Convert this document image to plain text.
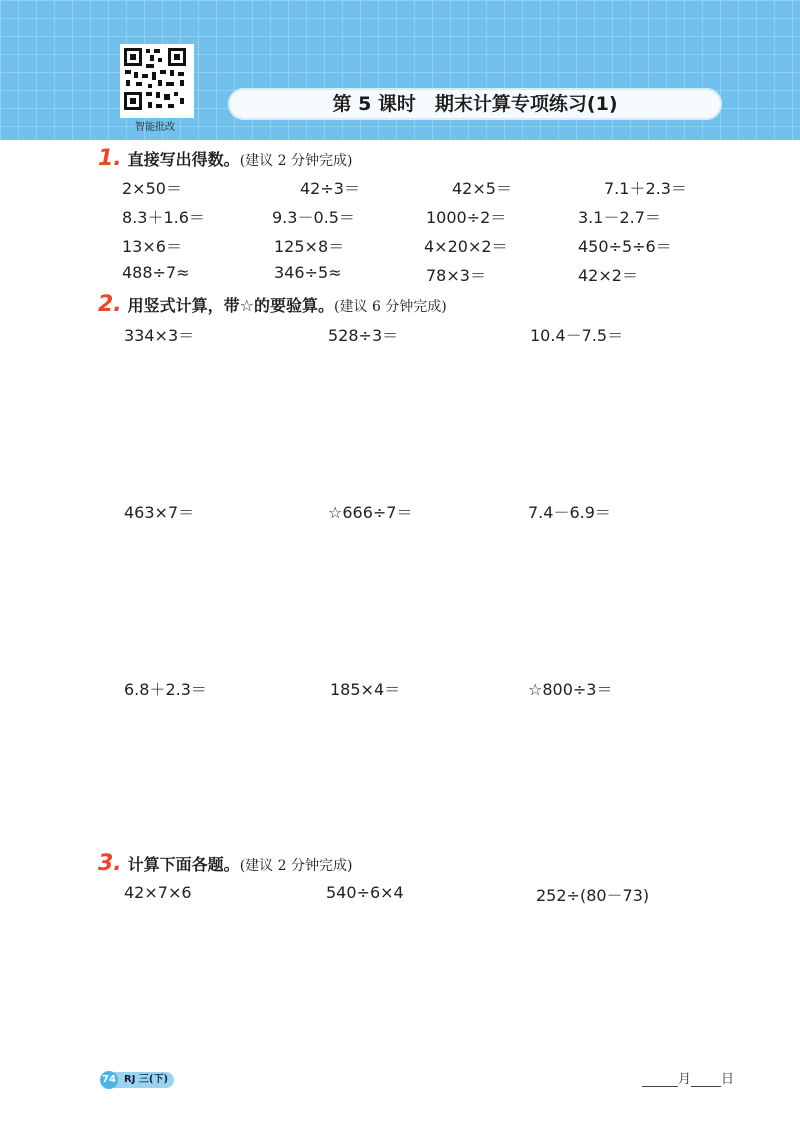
智能批改
第 5 课时　期末计算专项练习(1)
1. 直接写出得数。(建议 2 分钟完成)
2×50＝	42÷3＝	42×5＝	7.1＋2.3＝
8.3＋1.6＝	9.3－0.5＝	1000÷2＝	3.1－2.7＝
13×6＝	125×8＝	4×20×2＝	450÷5÷6＝
488÷7≈	346÷5≈	78×3＝	42×2＝
2. 用竖式计算，带☆的要验算。(建议 6 分钟完成)
334×3＝	528÷3＝	10.4－7.5＝
463×7＝	☆666÷7＝	7.4－6.9＝
6.8＋2.3＝	185×4＝	☆800÷3＝
3. 计算下面各题。(建议 2 分钟完成)
42×7×6	540÷6×4	252÷(80－73)
RJ 三(下)
74	月 日
